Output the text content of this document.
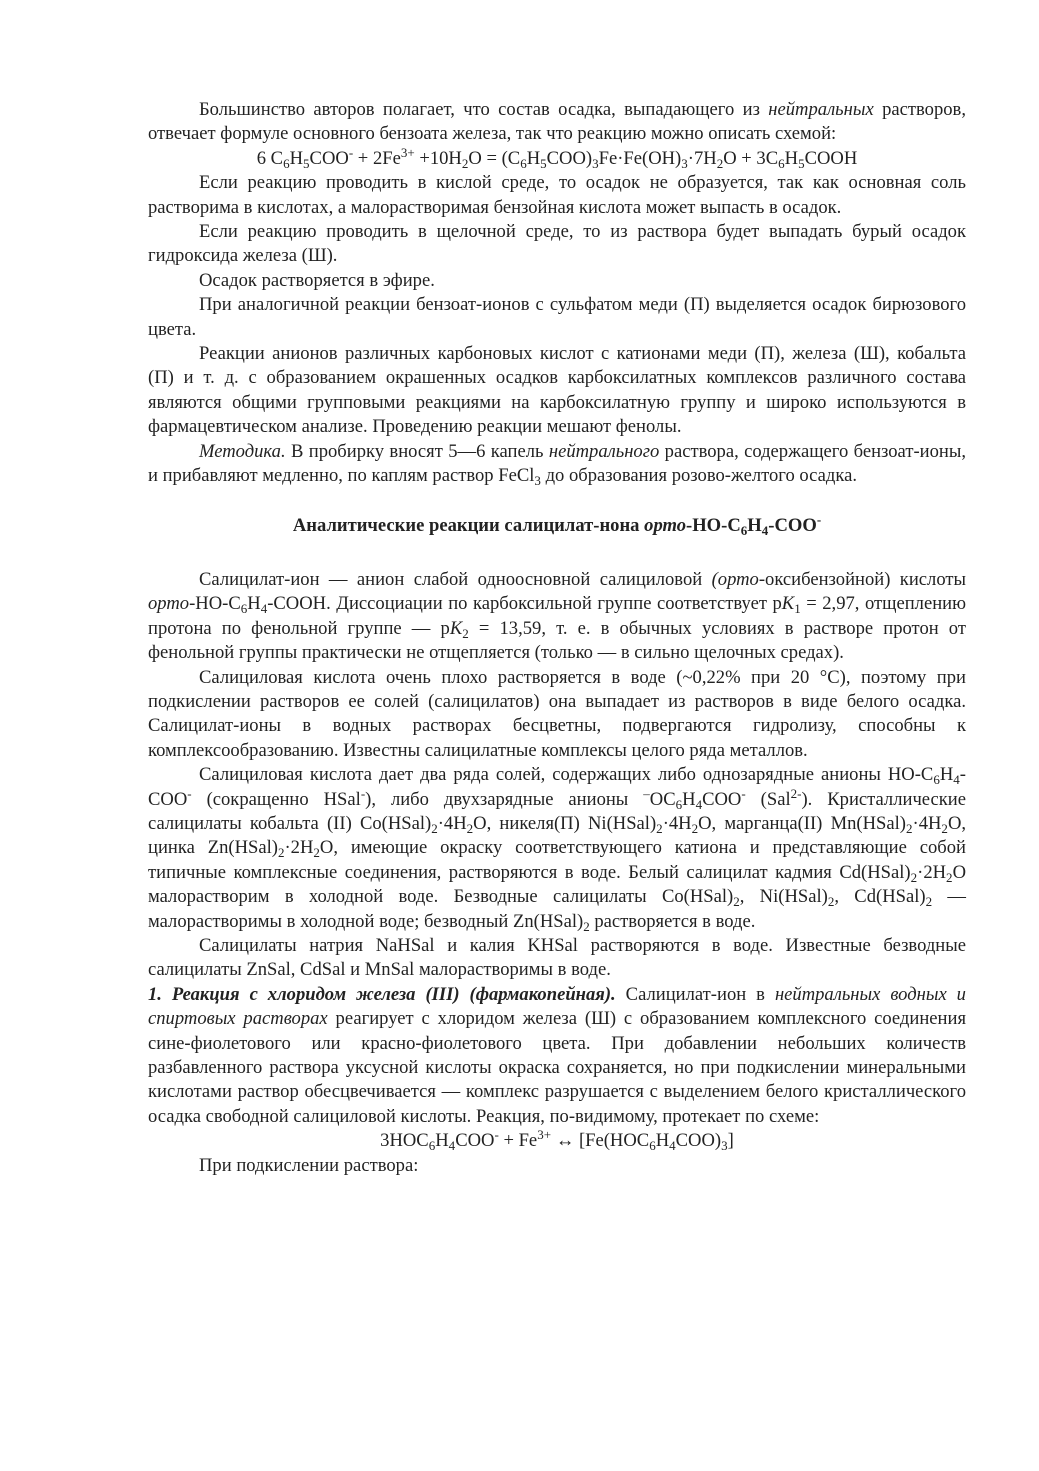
Большинство авторов полагает, что состав осадка, выпадающего из нейтральных растворов, отвечает формуле основного бензоата железа, так что реакцию можно описать схемой:

6 $C_6H_5COO^- + 2Fe^{3+} +10H_2O = (C_6H_5COO)_3Fe\cdot Fe(OH)_3\cdot 7H_2O$ + $3C_6H_5COOH$

Если реакцию проводить в кислой среде, то осадок не образуется, так как основная соль растворима в кислотах, а малорастворимая бензойная кислота может выпасть в осадок.

Если реакцию проводить в щелочной среде, то из раствора будет выпадать бурый осадок гидроксида железа (Ш).

Осадок растворяется в эфире.

При аналогичной реакции бензоат-ионов с сульфатом меди (П) выделяется осадок бирюзового цвета.

Реакции анионов различных карбоновых кислот с катионами меди (П), железа (Ш), кобальта (П) и т. д. с образованием окрашенных осадков карбоксилатных комплексов различного состава являются общими групповыми реакциями на карбоксилатную группу и широко используются в фармацевтическом анализе. Проведению реакции мешают фенолы.

Методика. В пробирку вносят 5—6 капель нейтрального раствора, содержащего бензоат-ионы, и прибавляют медленно, по каплям раствор FeCl$_3$ до образования розово-желтого осадка.

Аналитические реакции салицилат-нона орто-$HO-C_6H_4-COO^-$

Салицилат-ион — анион слабой одноосновной салициловой (орто-оксибензойной) кислоты орто-$HO-C_6H_4$-COOH. Диссоциации по карбоксильной группе соответствует $pK_1 = 2,97$, отщеплению протона по фенольной группе — $pK_2 = 13,59$, т. е. в обычных условиях в растворе протон от фенольной группы практически не отщепляется (только — в сильно щелочных средах).

Салициловая кислота очень плохо растворяется в воде (~0,22% при 20 °С), поэтому при подкислении растворов ее солей (салицилатов) она выпадает из растворов в виде белого осадка. Салицилат-ионы в водных растворах бесцветны, подвергаются гидролизу, способны к комплексообразованию. Известны салицилатные комплексы целого ряда металлов.

Салициловая кислота дает два ряда солей, содержащих либо однозарядные анионы $HO-C_6H_4-COO^-$ (сокращенно HSal-), либо двухзарядные анионы $^-OC_6H_4COO^-$ (Sal$^{2-}$). Кристаллические салицилаты кобальта (II) $Co(HSal)_2\cdot 4H_2O$, никеля(П) $Ni(HSal)_2\cdot 4H_2O$, марганца(II) $Mn(HSal)_2\cdot 4H_2O$, цинка $Zn(HSal)_2\cdot 2H_2O$, имеющие окраску соответствующего катиона и представляющие собой типичные комплексные соединения, растворяются в воде. Белый салицилат кадмия $Cd(HSal)_2\cdot 2H_2O$ малорастворим в холодной воде. Безводные салицилаты $Co(HSal)_2$, $Ni(HSal)_2$, $Cd(HSal)_2$ — малорастворимы в холодной воде; безводный $Zn(HSal)_2$ растворяется в воде.

Салицилаты натрия NaHSal и калия KHSal растворяются в воде. Известные безводные салицилаты ZnSal, CdSal и MnSal малорастворимы в воде.

1. Реакция с хлоридом железа (III) (фармакопейная). Салицилат-ион в нейтральных водных и спиртовых растворах реагирует с хлоридом железа (Ш) с образованием комплексного соединения сине-фиолетового или красно-фиолетового цвета. При добавлении небольших количеств разбавленного раствора уксусной кислоты окраска сохраняется, но при подкислении минеральными кислотами раствор обесцвечивается — комплекс разрушается с выделением белого кристаллического осадка свободной салициловой кислоты. Реакция, по-видимому, протекает по схеме:

$3HOC_6H_4COO^- + Fe^{3+}$ ↔ $[Fe(HOC_6H_4COO)_3]$

При подкислении раствора:
